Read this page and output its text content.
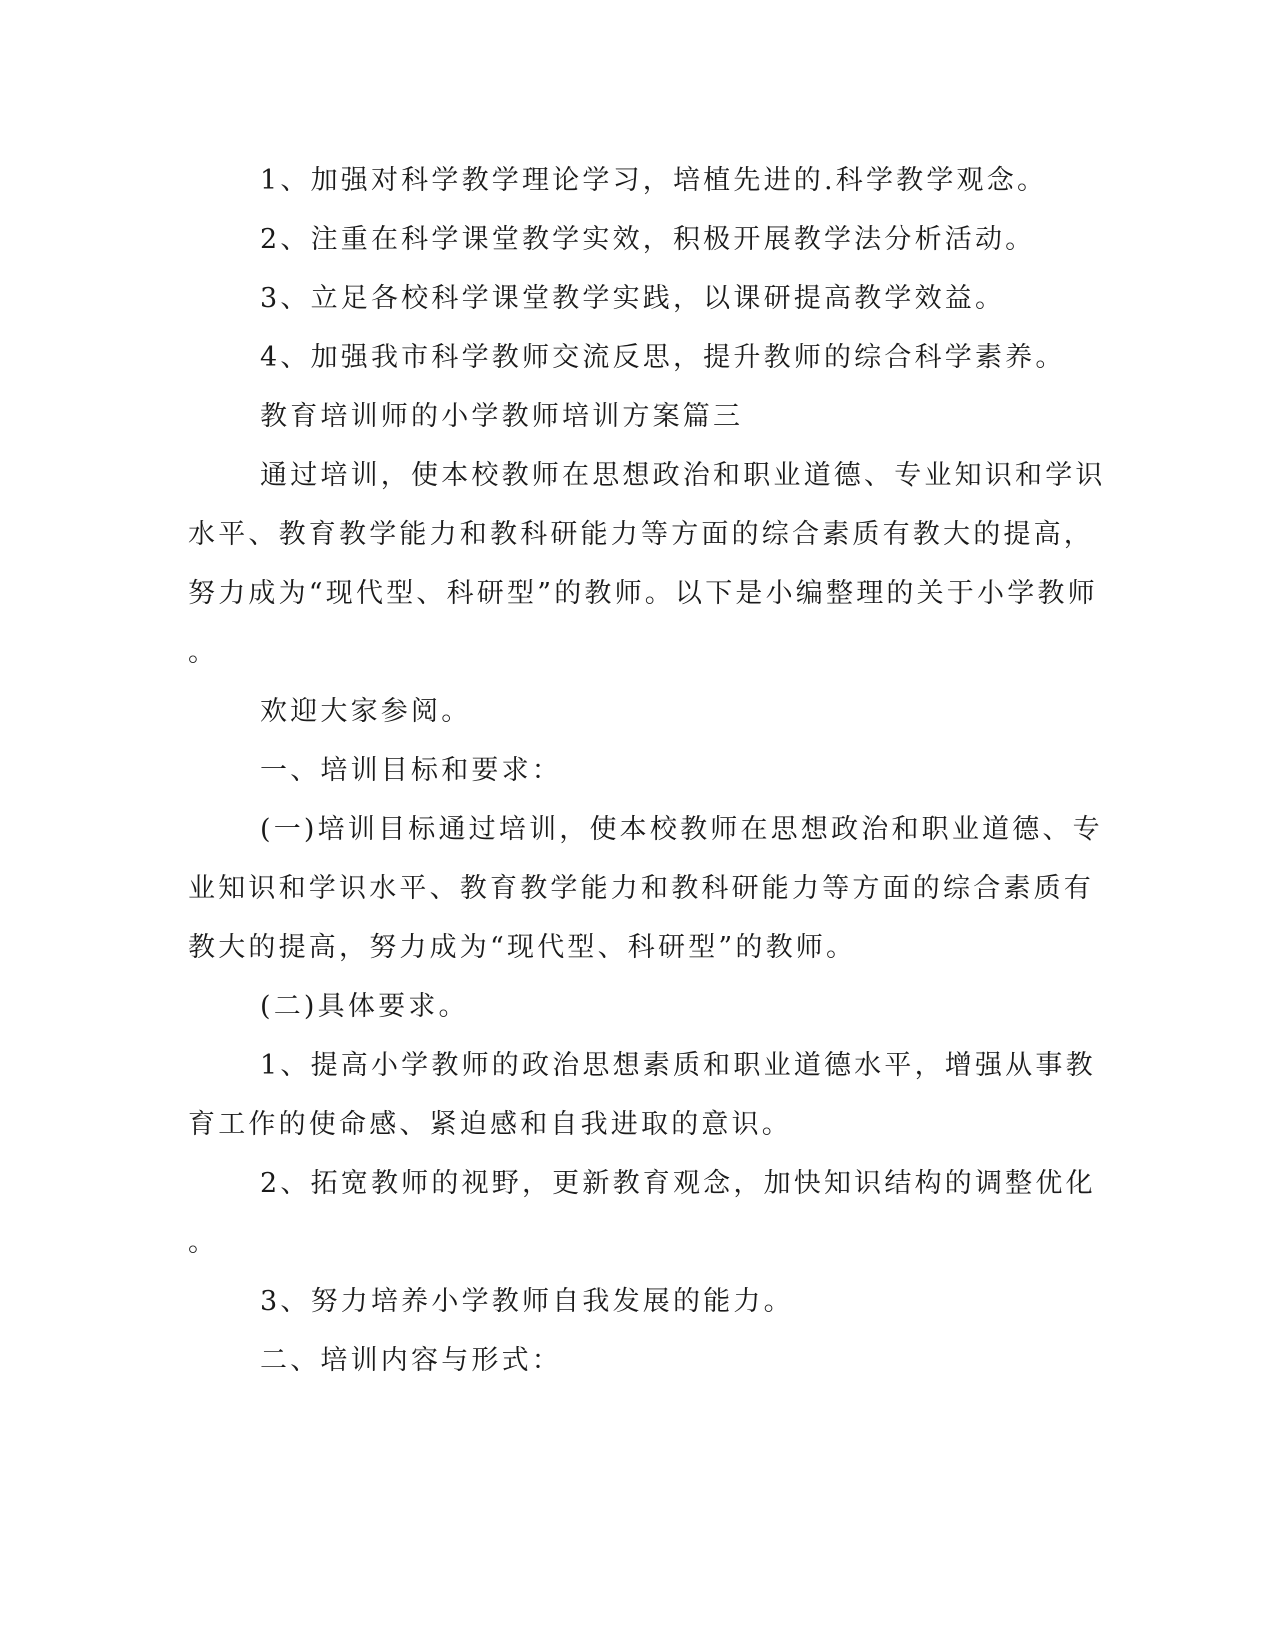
1、加强对科学教学理论学习，培植先进的.科学教学观念。
2、注重在科学课堂教学实效，积极开展教学法分析活动。
3、立足各校科学课堂教学实践，以课研提高教学效益。
4、加强我市科学教师交流反思，提升教师的综合科学素养。
教育培训师的小学教师培训方案篇三
通过培训，使本校教师在思想政治和职业道德、专业知识和学识
水平、教育教学能力和教科研能力等方面的综合素质有教大的提高，
努力成为“现代型、科研型”的教师。以下是小编整理的关于小学教师
。
欢迎大家参阅。
一、培训目标和要求：
(一)培训目标通过培训，使本校教师在思想政治和职业道德、专
业知识和学识水平、教育教学能力和教科研能力等方面的综合素质有
教大的提高，努力成为“现代型、科研型”的教师。
(二)具体要求。
1、提高小学教师的政治思想素质和职业道德水平，增强从事教
育工作的使命感、紧迫感和自我进取的意识。
2、拓宽教师的视野，更新教育观念，加快知识结构的调整优化
。
3、努力培养小学教师自我发展的能力。
二、培训内容与形式：
